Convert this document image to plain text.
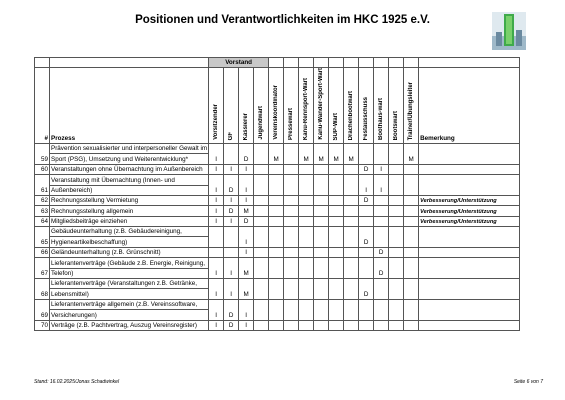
Positionen und Verantwortlichkeiten im HKC 1925 e.V.
		Vorstand														
#	Prozess	Vorsitzender	GF	Kassierer	Jugendwart	Vereinskoordinator	Pressewart	Kanu-Rennsport-Wart	Kanu-Wander-Sport-Wart	SUP-Wart	Drachenbootwart	Festausschuss	Boothaus-wart	Bootswart	Trainer/Übungsleiter	Bemerkung
59	Prävention sexualisierter und interpersoneller Gewalt im	I		D		M		M	M	M	M				M	
	Sport (PSG), Umsetzung und Weiterentwicklung*															
60	Veranstaltungen ohne Übernachtung im Außenbereich	I	I	I								D	I			
61	Veranstaltung mit Übernachtung (Innen- und	I	D	I								I	I			
	Außenbereich)															
62	Rechnungsstellung Vermietung	I	I	I								D				Verbesserung/Unterstützung
63	Rechnungsstellung allgemein	I	D	M												Verbesserung/Unterstützung
64	Mitgliedsbeiträge einziehen	I	I	D												Verbesserung/Unterstützung
65	Gebäudeunterhaltung (z.B. Gebäudereinigung,			I								D				
	Hygieneartikelbeschaffung)															
66	Geländeunterhaltung (z.B. Grünschnitt)			I									D			
67	Lieferantenverträge (Gebäude z.B. Energie, Reinigung,	I	I	M									D			
	Telefon)															
68	Lieferantenverträge (Veranstaltungen z.B. Getränke,	I	I	M								D				
	Lebensmittel)															
69	Lieferantenverträge allgemein (z.B. Vereinssoftware,	I	D	I												
	Versicherungen)															
70	Verträge (z.B. Pachtvertrag, Auszug Vereinsregister)	I	D	I												
Stand: 16.02.2025/Jonas Schadwinkel	Seite 6 von 7
